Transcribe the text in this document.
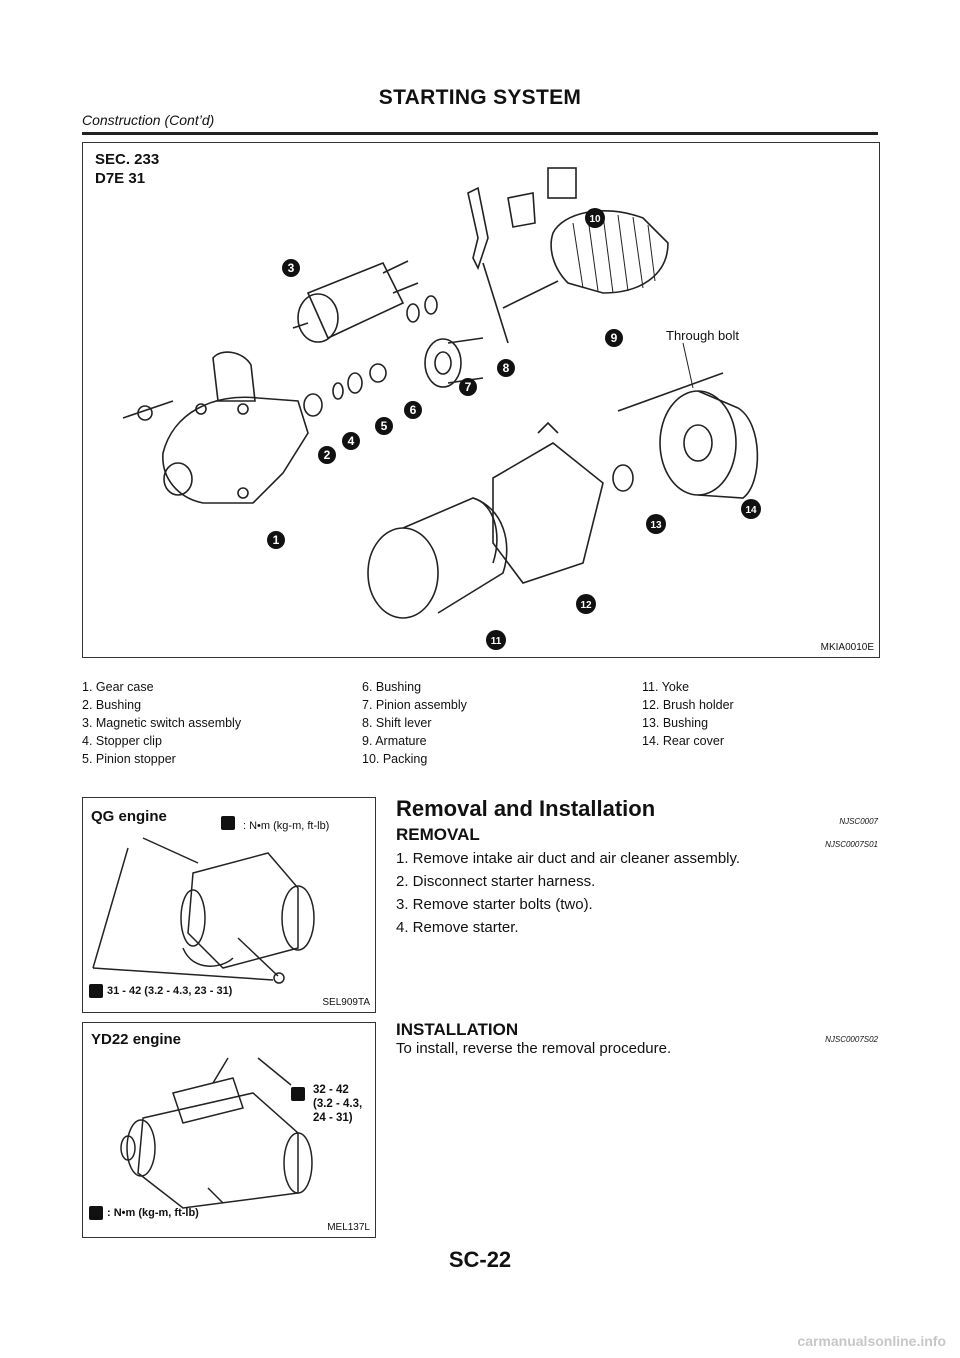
STARTING SYSTEM
Construction (Cont’d)
SEC. 233
D7E 31
Through bolt
1
2
3
4
5
6
7
8
9
10
11
12
13
14
MKIA0010E
1. Gear case
2. Bushing
3. Magnetic switch assembly
4. Stopper clip
5. Pinion stopper
6. Bushing
7. Pinion assembly
8. Shift lever
9. Armature
10. Packing
11. Yoke
12. Brush holder
13. Bushing
14. Rear cover
QG engine
: N•m (kg-m, ft-lb)
31 - 42 (3.2 - 4.3, 23 - 31)
SEL909TA
YD22 engine
32 - 42
(3.2 - 4.3,
24 - 31)
: N•m (kg-m, ft-lb)
MEL137L
Removal and Installation
NJSC0007
REMOVAL
NJSC0007S01
1. Remove intake air duct and air cleaner assembly.
2. Disconnect starter harness.
3. Remove starter bolts (two).
4. Remove starter.
INSTALLATION
NJSC0007S02
To install, reverse the removal procedure.
SC-22
carmanualsonline.info
